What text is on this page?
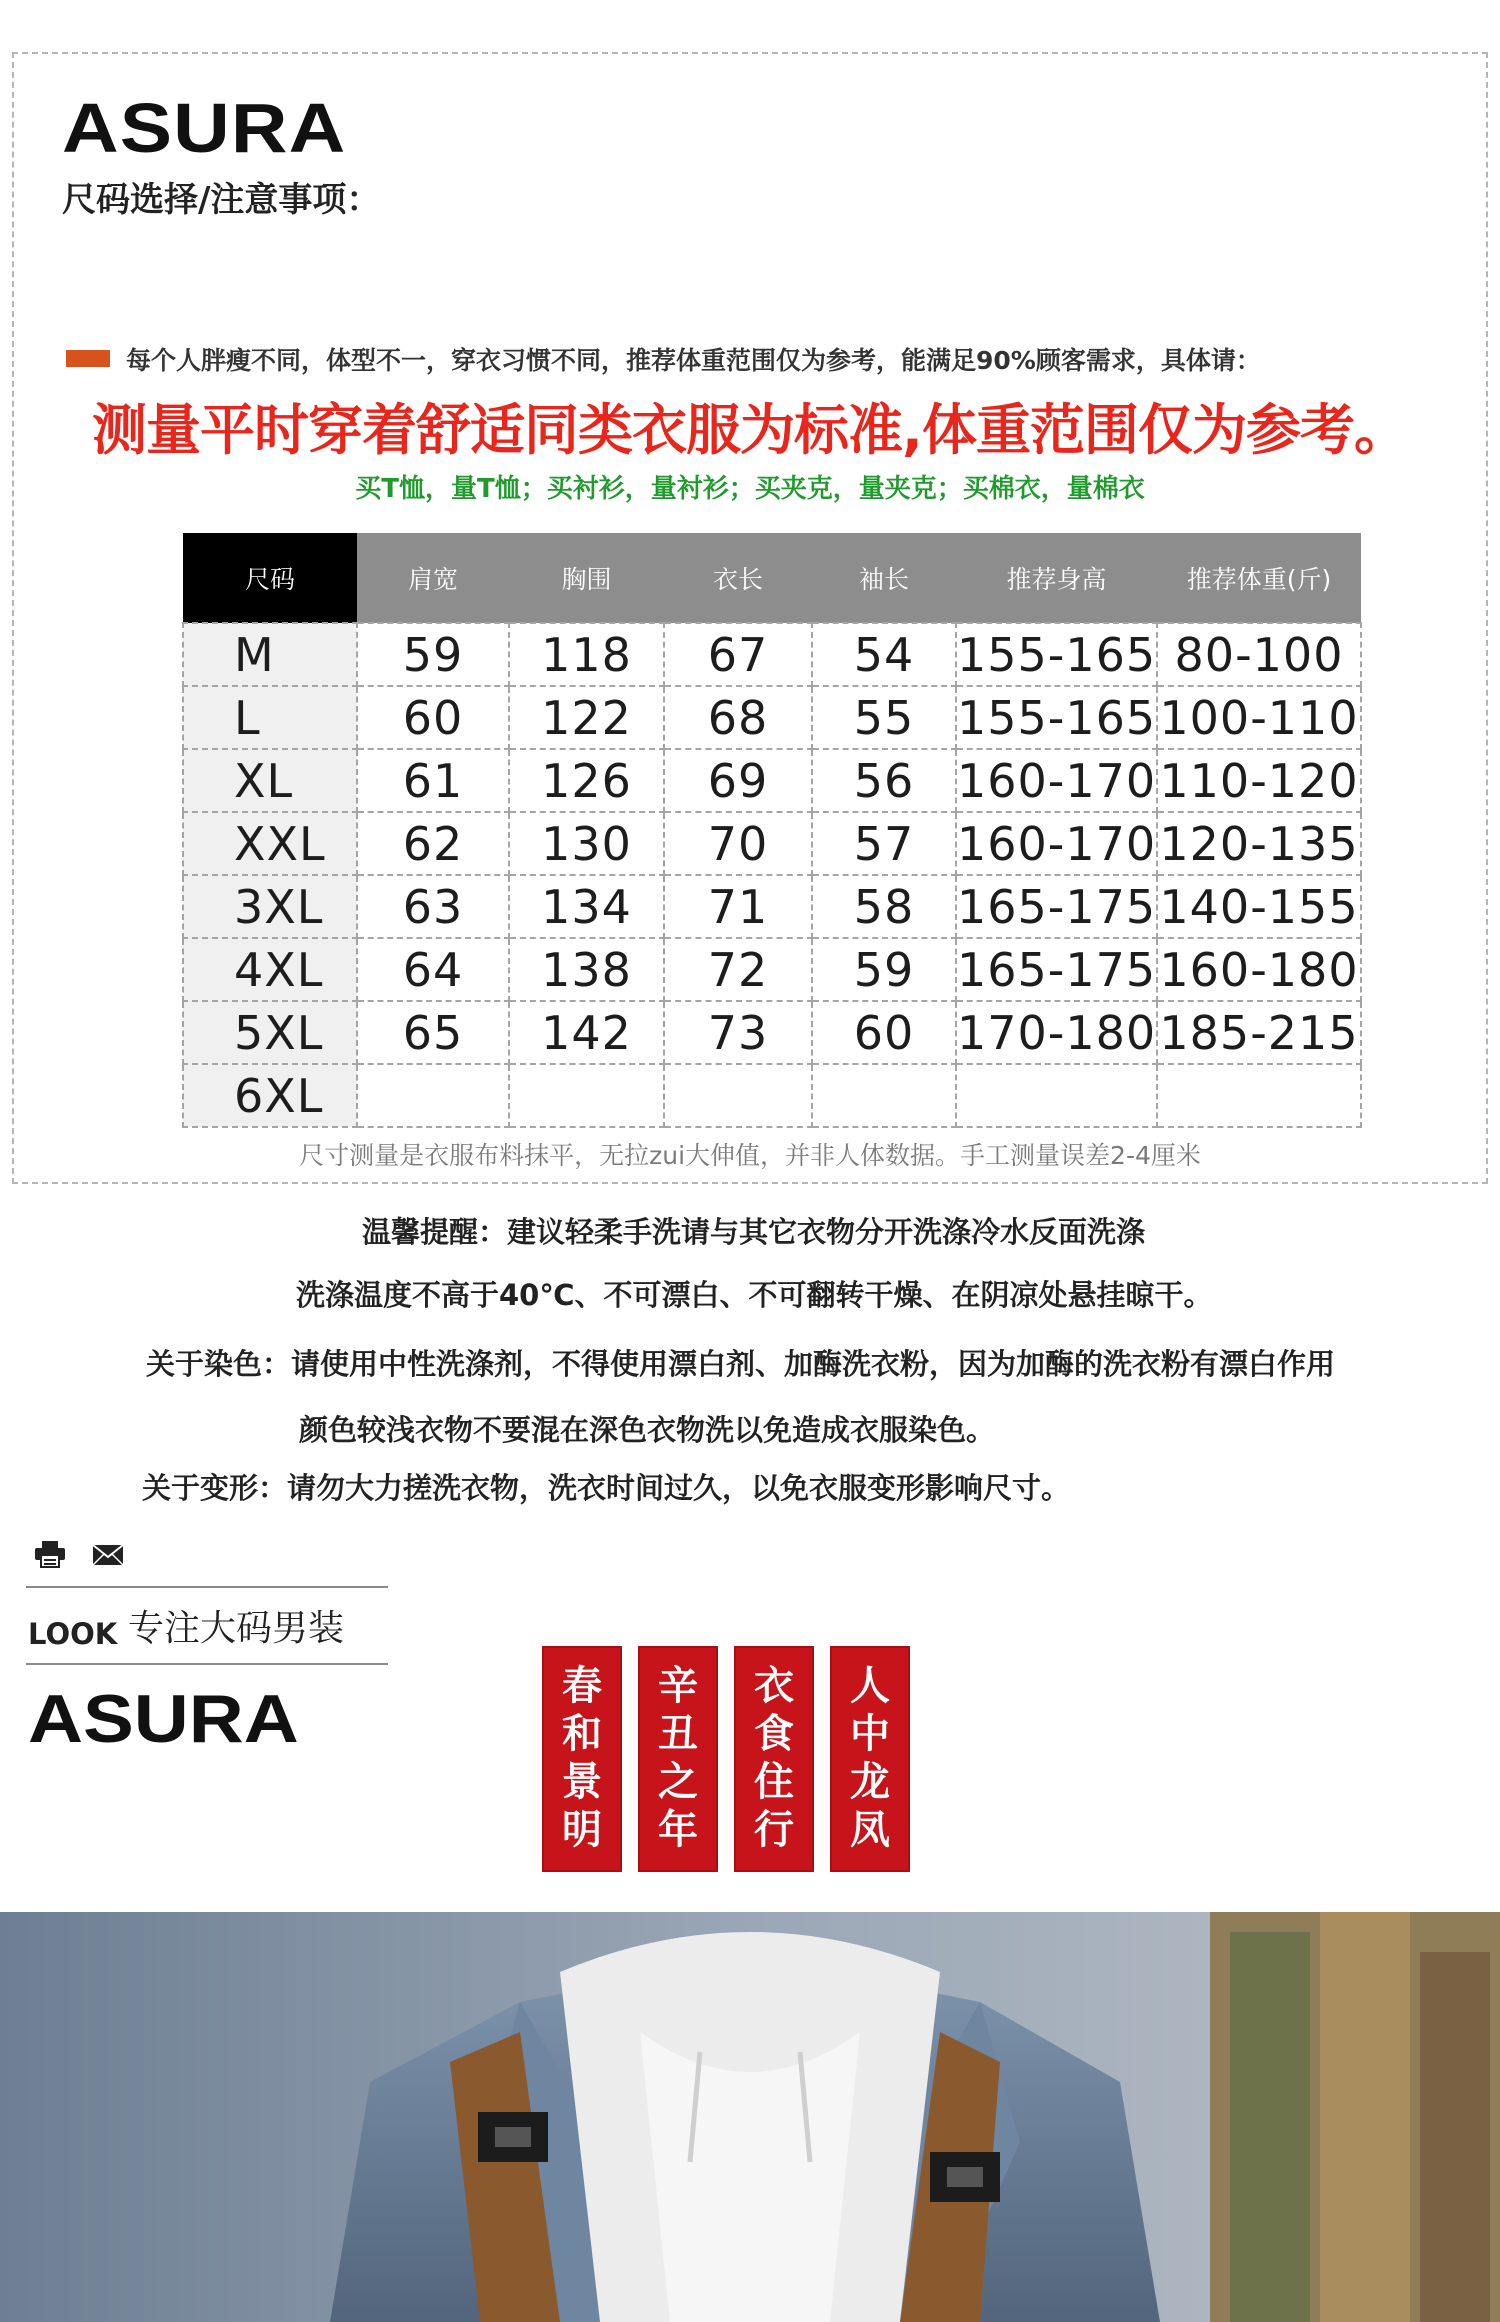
ASURA
尺码选择/注意事项：
每个人胖瘦不同，体型不一，穿衣习惯不同，推荐体重范围仅为参考，能满足90%顾客需求，具体请：
测量平时穿着舒适同类衣服为标准,体重范围仅为参考。
买T恤，量T恤；买衬衫，量衬衫；买夹克，量夹克；买棉衣，量棉衣
尺码	肩宽	胸围	衣长	袖长	推荐身高	推荐体重(斤)
M	59	118	67	54	155-165	80-100
L	60	122	68	55	155-165	100-110
XL	61	126	69	56	160-170	110-120
XXL	62	130	70	57	160-170	120-135
3XL	63	134	71	58	165-175	140-155
4XL	64	138	72	59	165-175	160-180
5XL	65	142	73	60	170-180	185-215
6XL						
尺寸测量是衣服布料抹平，无拉zui大伸值，并非人体数据。手工测量误差2-4厘米
温馨提醒：建议轻柔手洗请与其它衣物分开洗涤冷水反面洗涤
洗涤温度不高于40℃、不可漂白、不可翻转干燥、在阴凉处悬挂晾干。
关于染色：请使用中性洗涤剂，不得使用漂白剂、加酶洗衣粉，因为加酶的洗衣粉有漂白作用
颜色较浅衣物不要混在深色衣物洗以免造成衣服染色。
关于变形：请勿大力搓洗衣物，洗衣时间过久，以免衣服变形影响尺寸。
LOOK 专注大码男装
ASURA	春和景明
辛丑之年
衣食住行
人中龙凤
